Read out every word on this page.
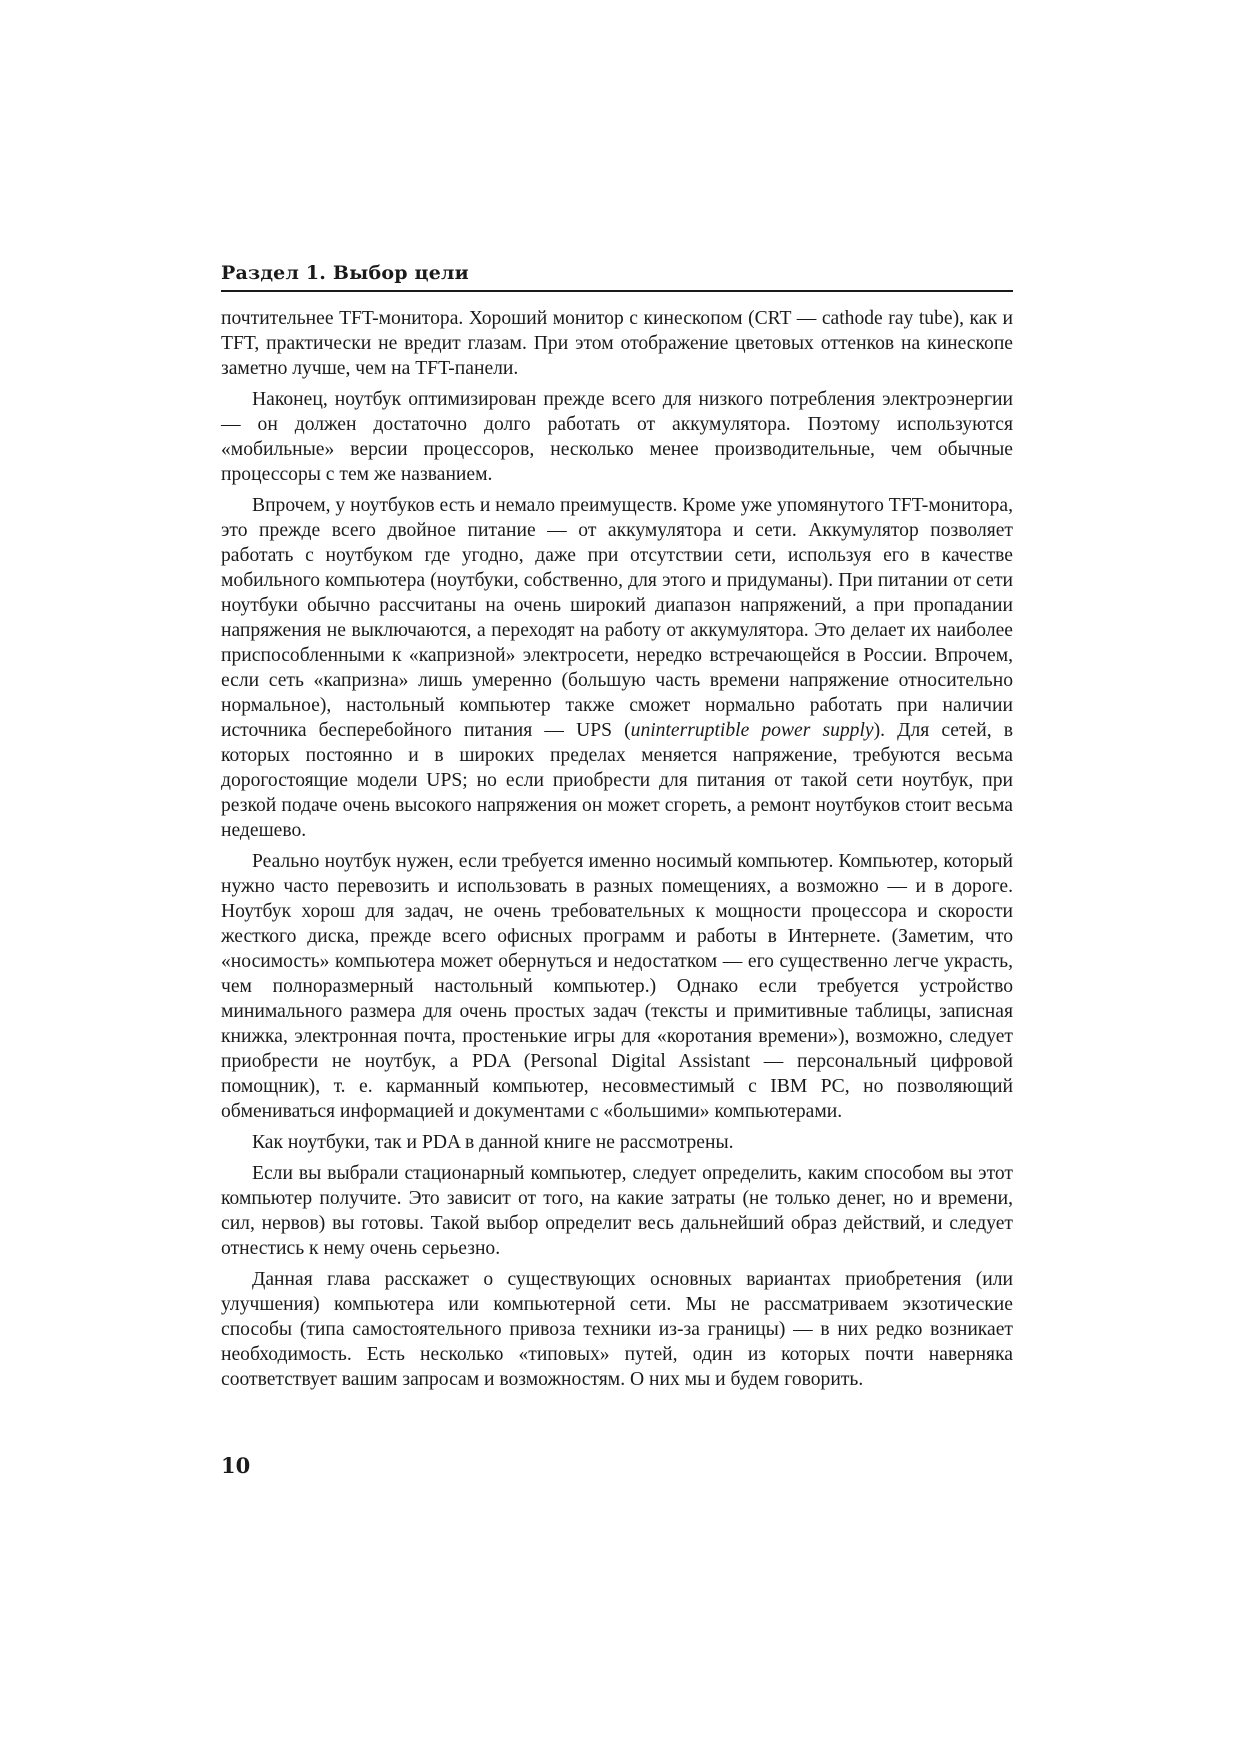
Раздел 1. Выбор цели

почтительнее TFT-монитора. Хороший монитор с кинескопом (CRT — cathode ray tube), как и TFT, практически не вредит глазам. При этом отображение цветовых оттенков на кинескопе заметно лучше, чем на TFT-панели.

Наконец, ноутбук оптимизирован прежде всего для низкого потребления электроэнергии — он должен достаточно долго работать от аккумулятора. Поэтому используются «мобильные» версии процессоров, несколько менее производительные, чем обычные процессоры с тем же названием.

Впрочем, у ноутбуков есть и немало преимуществ. Кроме уже упомянутого TFT-монитора, это прежде всего двойное питание — от аккумулятора и сети. Аккумулятор позволяет работать с ноутбуком где угодно, даже при отсутствии сети, используя его в качестве мобильного компьютера (ноутбуки, собственно, для этого и придуманы). При питании от сети ноутбуки обычно рассчитаны на очень широкий диапазон напряжений, а при пропадании напряжения не выключаются, а переходят на работу от аккумулятора. Это делает их наиболее приспособленными к «капризной» электросети, нередко встречающейся в России. Впрочем, если сеть «капризна» лишь умеренно (большую часть времени напряжение относительно нормальное), настольный компьютер также сможет нормально работать при наличии источника бесперебойного питания — UPS (uninterruptible power supply). Для сетей, в которых постоянно и в широких пределах меняется напряжение, требуются весьма дорогостоящие модели UPS; но если приобрести для питания от такой сети ноутбук, при резкой подаче очень высокого напряжения он может сгореть, а ремонт ноутбуков стоит весьма недешево.

Реально ноутбук нужен, если требуется именно носимый компьютер. Компьютер, который нужно часто перевозить и использовать в разных помещениях, а возможно — и в дороге. Ноутбук хорош для задач, не очень требовательных к мощности процессора и скорости жесткого диска, прежде всего офисных программ и работы в Интернете. (Заметим, что «носимость» компьютера может обернуться и недостатком — его существенно легче украсть, чем полноразмерный настольный компьютер.) Однако если требуется устройство минимального размера для очень простых задач (тексты и примитивные таблицы, записная книжка, электронная почта, простенькие игры для «коротания времени»), возможно, следует приобрести не ноутбук, а PDA (Personal Digital Assistant — персональный цифровой помощник), т. е. карманный компьютер, несовместимый с IBM PC, но позволяющий обмениваться информацией и документами с «большими» компьютерами.

Как ноутбуки, так и PDA в данной книге не рассмотрены.

Если вы выбрали стационарный компьютер, следует определить, каким способом вы этот компьютер получите. Это зависит от того, на какие затраты (не только денег, но и времени, сил, нервов) вы готовы. Такой выбор определит весь дальнейший образ действий, и следует отнестись к нему очень серьезно.

Данная глава расскажет о существующих основных вариантах приобретения (или улучшения) компьютера или компьютерной сети. Мы не рассматриваем экзотические способы (типа самостоятельного привоза техники из-за границы) — в них редко возникает необходимость. Есть несколько «типовых» путей, один из которых почти наверняка соответствует вашим запросам и возможностям. О них мы и будем говорить.

10
